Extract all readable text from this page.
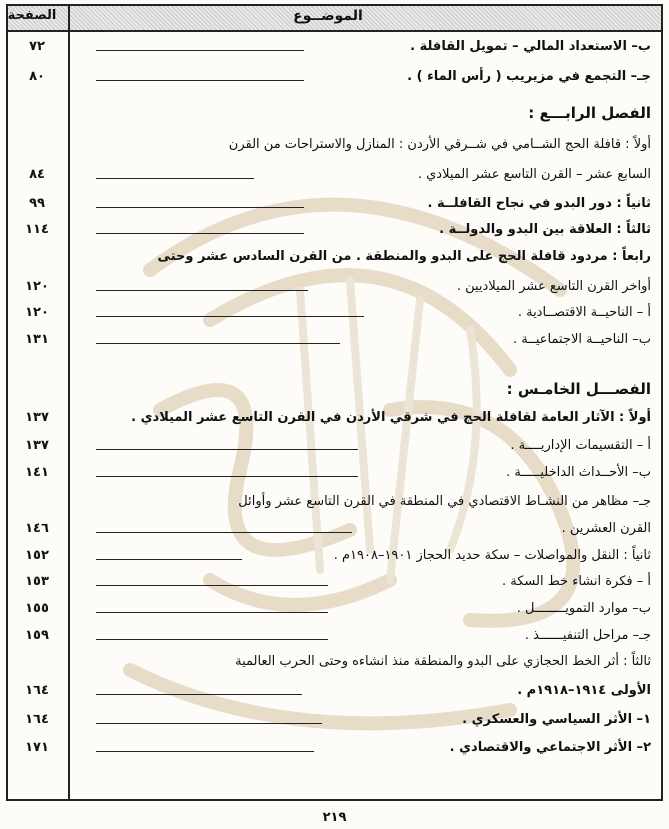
الصفحة	الموضــوع
٧٢	ب– الاستعداد المالي – تمويل القافلة .
٨٠	جـ– التجمع في مزيريب ( رأس الماء ) .
الفصل الرابـــع :
أولاً : قافلة الحج الشــامي في شــرقي الأردن : المنازل والاستراحات من القرن
٨٤	السابع عشر – القرن التاسع عشر الميلادي .
٩٩	ثانياً : دور البدو في نجاح القافلــة .
١١٤	ثالثاً : العلاقة بين البدو والدولــة .
رابعاً : مردود قافلة الحج على البدو والمنطقة . من القرن السادس عشر وحتى
١٢٠	أواخر القرن التاسع عشر الميلاديين .
١٢٠	أ – الناحيــة الاقتصــادية .
١٣١	ب– الناحيــة الاجتماعيــة .
الفصـــل الخامـس :
١٣٧	أولاً : الآثار العامة لقافلة الحج في شرقي الأردن في القرن التاسع عشر الميلادي .
١٣٧	أ – التقسيمات الإداريــــة .
١٤١	ب– الأحــداث الداخليـــــة .
جـ– مظاهر من النشـاط الاقتصادي في المنطقة في القرن التاسع عشر وأوائل
١٤٦	القرن العشرين .
١٥٢	ثانياً : النقل والمواصلات – سكة حديد الحجاز ١٩٠١–١٩٠٨م .
١٥٣	أ – فكرة انشاء خط السكة .
١٥٥	ب– موارد التمويــــــــل .
١٥٩	جـ– مراحل التنفيــــــذ .
ثالثاً : أثر الخط الحجازي على البدو والمنطقة منذ انشاءه وحتى الحرب العالمية
١٦٤	الأولى ١٩١٤–١٩١٨م .
١٦٤	١– الأثر السياسي والعسكري .
١٧١	٢– الأثر الاجتماعي والاقتصادي .
٢١٩
